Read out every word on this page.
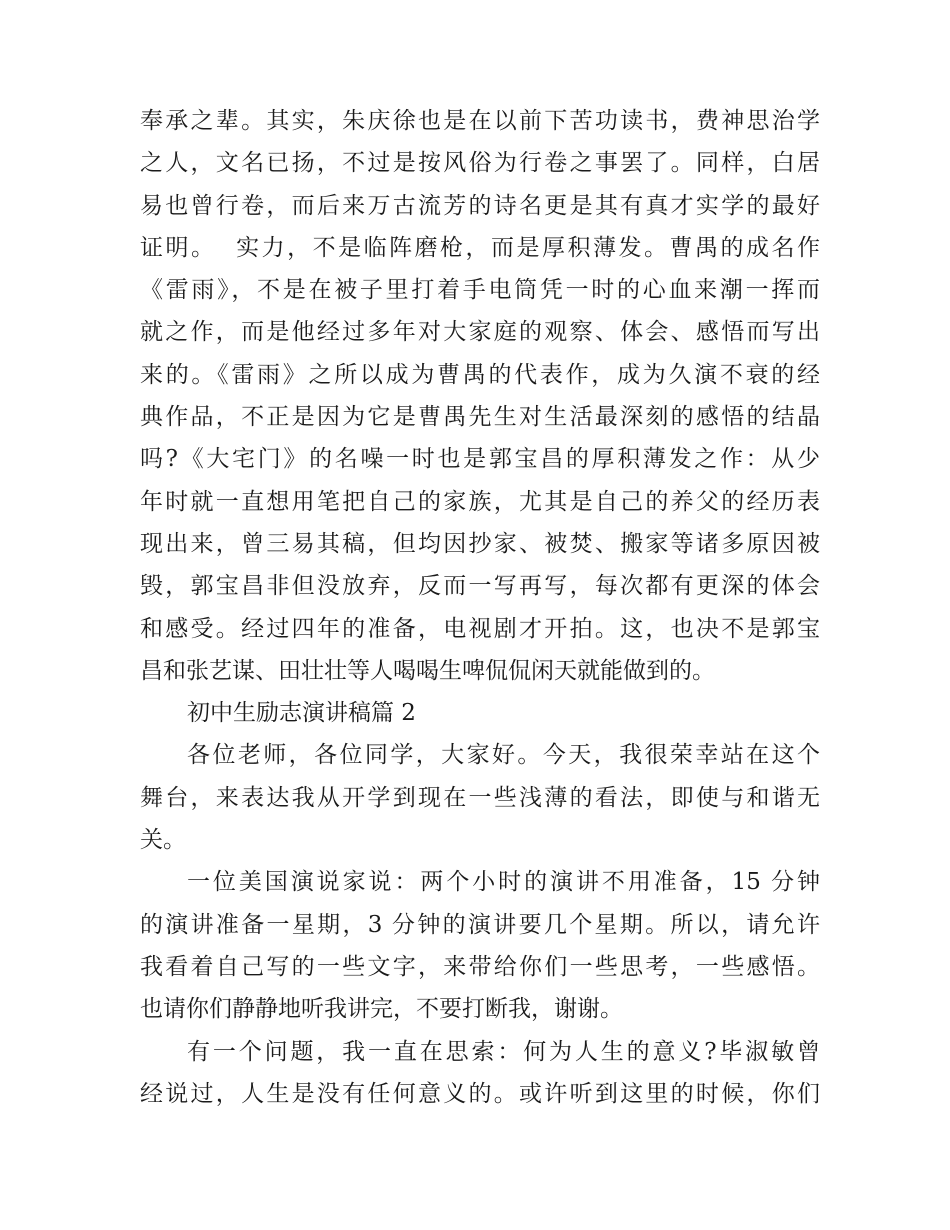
奉承之辈。其实，朱庆徐也是在以前下苦功读书，费神思治学
之人，文名已扬，不过是按风俗为行卷之事罢了。同样，白居
易也曾行卷，而后来万古流芳的诗名更是其有真才实学的最好
证明。  实力，不是临阵磨枪，而是厚积薄发。曹禺的成名作
《雷雨》，不是在被子里打着手电筒凭一时的心血来潮一挥而
就之作，而是他经过多年对大家庭的观察、体会、感悟而写出
来的。《雷雨》之所以成为曹禺的代表作，成为久演不衰的经
典作品，不正是因为它是曹禺先生对生活最深刻的感悟的结晶
吗?《大宅门》的名噪一时也是郭宝昌的厚积薄发之作：从少
年时就一直想用笔把自己的家族，尤其是自己的养父的经历表
现出来，曾三易其稿，但均因抄家、被焚、搬家等诸多原因被
毁，郭宝昌非但没放弃，反而一写再写，每次都有更深的体会
和感受。经过四年的准备，电视剧才开拍。这，也决不是郭宝
昌和张艺谋、田壮壮等人喝喝生啤侃侃闲天就能做到的。
初中生励志演讲稿篇 2
各位老师，各位同学，大家好。今天，我很荣幸站在这个
舞台，来表达我从开学到现在一些浅薄的看法，即使与和谐无
关。
一位美国演说家说：两个小时的演讲不用准备，15 分钟
的演讲准备一星期，3 分钟的演讲要几个星期。所以，请允许
我看着自己写的一些文字，来带给你们一些思考，一些感悟。
也请你们静静地听我讲完，不要打断我，谢谢。
有一个问题，我一直在思索：何为人生的意义?毕淑敏曾
经说过，人生是没有任何意义的。或许听到这里的时候，你们
